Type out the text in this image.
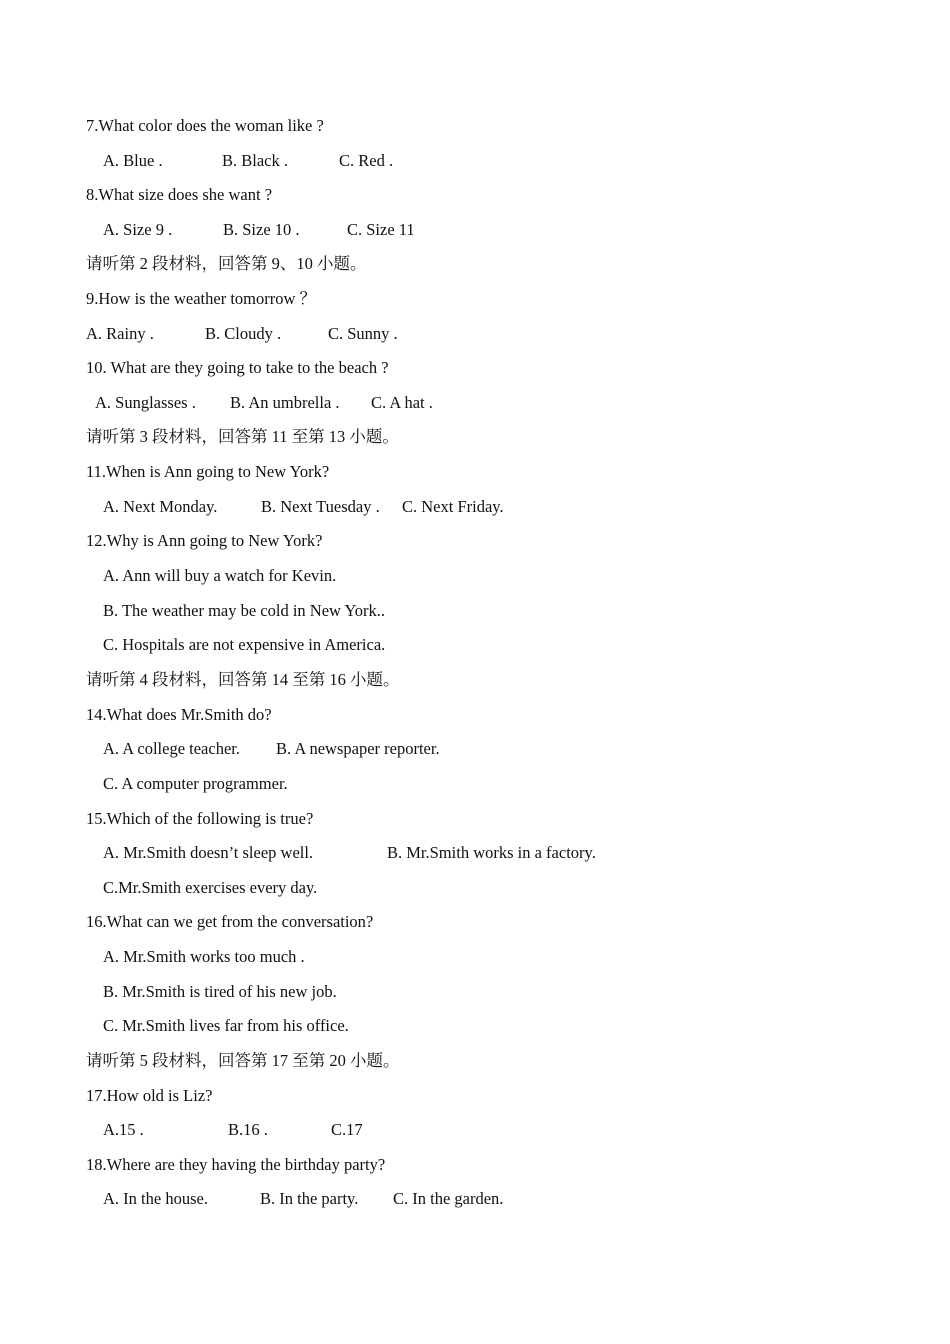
7.What color does the woman like ?
A. Blue .	B. Black .	C. Red .
8.What size does she want ?
A. Size 9 .	B. Size 10 .	C. Size 11
请听第 2 段材料，回答第 9、10 小题。
9.How is the weather tomorrow ？
A. Rainy .	B. Cloudy .	C. Sunny .
10. What are they going to take to the beach ?
A. Sunglasses . B. An umbrella . C. A hat .
请听第 3 段材料，回答第 11 至第 13 小题。
11.When is Ann going to New York?
A. Next Monday.	B. Next Tuesday . C. Next Friday.
12.Why is Ann going to New York?
A. Ann will buy a watch for Kevin.
B. The weather may be cold in New York..
C. Hospitals are not expensive in America.
请听第 4 段材料，回答第 14 至第 16 小题。
14.What does Mr.Smith do?
A. A college teacher. B. A newspaper reporter.
C. A computer programmer.
15.Which of the following is true?
A. Mr.Smith doesn’t sleep well.	B. Mr.Smith works in a factory.
C.Mr.Smith exercises every day.
16.What can we get from the conversation?
A. Mr.Smith works too much .
B. Mr.Smith is tired of his new job.
C. Mr.Smith lives far from his office.
请听第 5 段材料，回答第 17 至第 20 小题。
17.How old is Liz?
A.15 .	B.16 .	C.17
18.Where are they having the birthday party?
A. In the house.	B. In the party. C. In the garden.
